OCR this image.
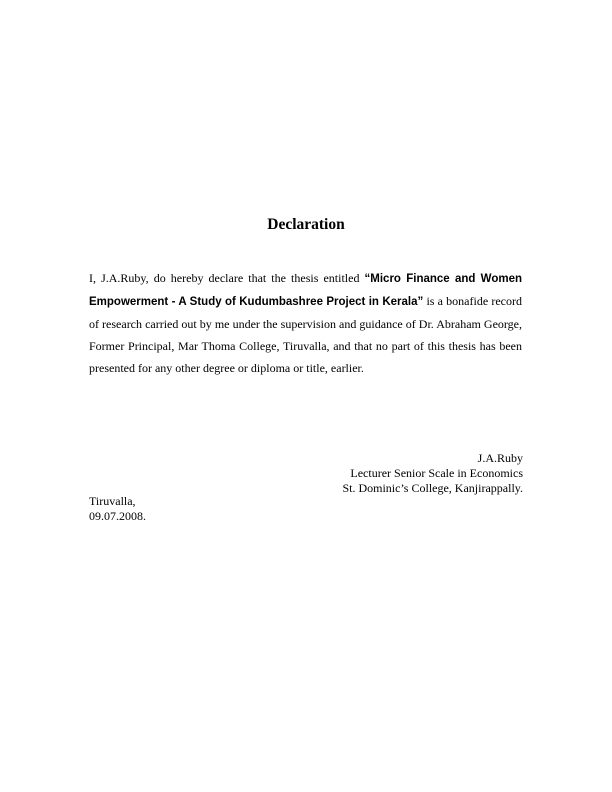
Declaration

I, J.A.Ruby, do hereby declare that the thesis entitled “Micro Finance and Women Empowerment - A Study of Kudumbashree Project in Kerala” is a bonafide record of research carried out by me under the supervision and guidance of Dr. Abraham George, Former Principal, Mar Thoma College, Tiruvalla, and that no part of this thesis has been presented for any other degree or diploma or title, earlier.

J.A.Ruby
Lecturer Senior Scale in Economics
St. Dominic’s College, Kanjirappally.
Tiruvalla,
09.07.2008.
